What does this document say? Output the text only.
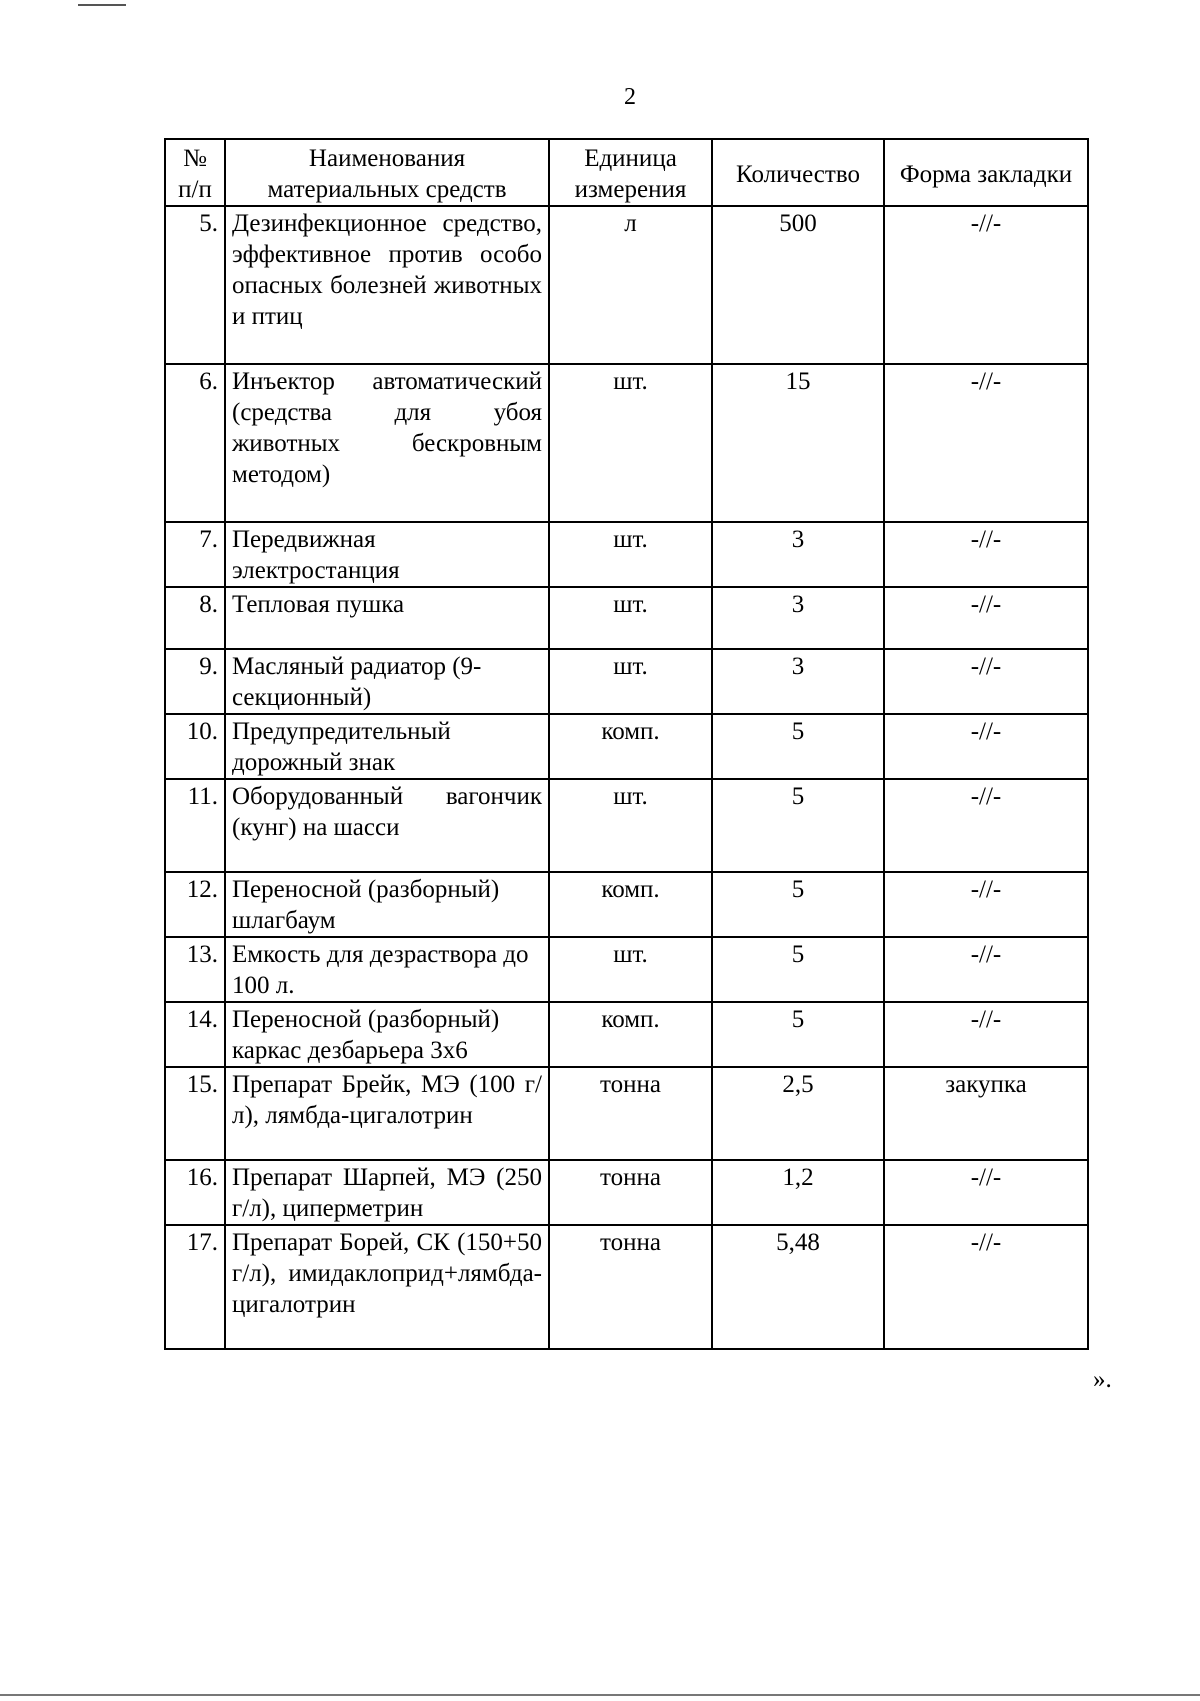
2
№ п/п	Наименования материальных средств	Единица измерения	Количество	Форма закладки
5.	Дезинфекционное средство, эффективное против особо опасных болезней животных и птиц	л	500	-//-
6.	Инъектор автоматический (средства для убоя животных бескровным методом)	шт.	15	-//-
7.	Передвижная электростанция	шт.	3	-//-
8.	Тепловая пушка	шт.	3	-//-
9.	Масляный радиатор (9- секционный)	шт.	3	-//-
10.	Предупредительный дорожный знак	комп.	5	-//-
11.	Оборудованный вагончик (кунг) на шасси	шт.	5	-//-
12.	Переносной (разборный) шлагбаум	комп.	5	-//-
13.	Емкость для дезраствора до 100 л.	шт.	5	-//-
14.	Переносной (разборный) каркас дезбарьера 3х6	комп.	5	-//-
15.	Препарат Брейк, МЭ (100 г/л), лямбда-цигалотрин	тонна	2,5	закупка
16.	Препарат Шарпей, МЭ (250 г/л), циперметрин	тонна	1,2	-//-
17.	Препарат Борей, СК (150+50 г/л), имидаклоприд+лямбда-цигалотрин	тонна	5,48	-//-
».
